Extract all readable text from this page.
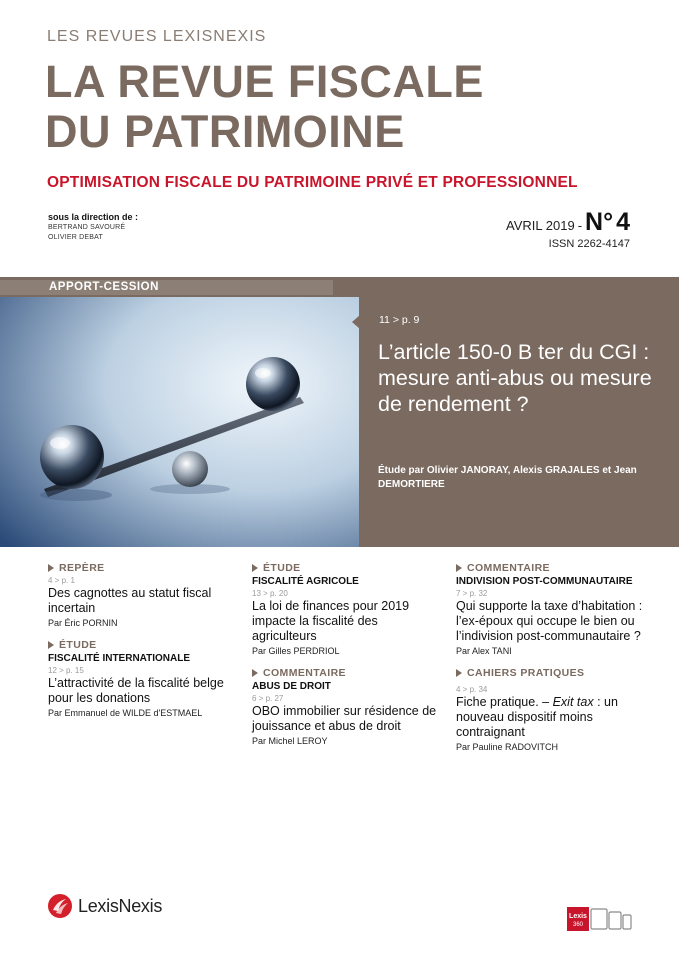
LES REVUES LEXISNEXIS
LA REVUE FISCALE
DU PATRIMOINE
OPTIMISATION FISCALE DU PATRIMOINE PRIVÉ ET PROFESSIONNEL
sous la direction de :
BERTRAND SAVOURÉ
OLIVIER DEBAT
AVRIL 2019 - N° 4
ISSN 2262-4147
APPORT-CESSION
11 > p. 9
L’article 150-0 B ter du CGI : mesure anti-abus ou mesure de rendement ?
Étude par Olivier JANORAY, Alexis GRAJALES et Jean DEMORTIERE
REPÈRE
4 > p. 1
Des cagnottes au statut fiscal incertain
Par Éric PORNIN
ÉTUDE
FISCALITÉ INTERNATIONALE
12 > p. 15
L’attractivité de la fiscalité belge pour les donations
Par Emmanuel de WILDE d'ESTMAEL
ÉTUDE
FISCALITÉ AGRICOLE
13 > p. 20
La loi de finances pour 2019 impacte la fiscalité des agriculteurs
Par Gilles PERDRIOL
COMMENTAIRE
ABUS DE DROIT
6 > p. 27
OBO immobilier sur résidence de jouissance et abus de droit
Par Michel LEROY
COMMENTAIRE
INDIVISION POST-COMMUNAUTAIRE
7 > p. 32
Qui supporte la taxe d’habitation : l’ex-époux qui occupe le bien ou l’indivision post-communautaire ?
Par Alex TANI
CAHIERS PRATIQUES
4 > p. 34
Fiche pratique. – Exit tax : un nouveau dispositif moins contraignant
Par Pauline RADOVITCH
LexisNexis
Lexis
360
